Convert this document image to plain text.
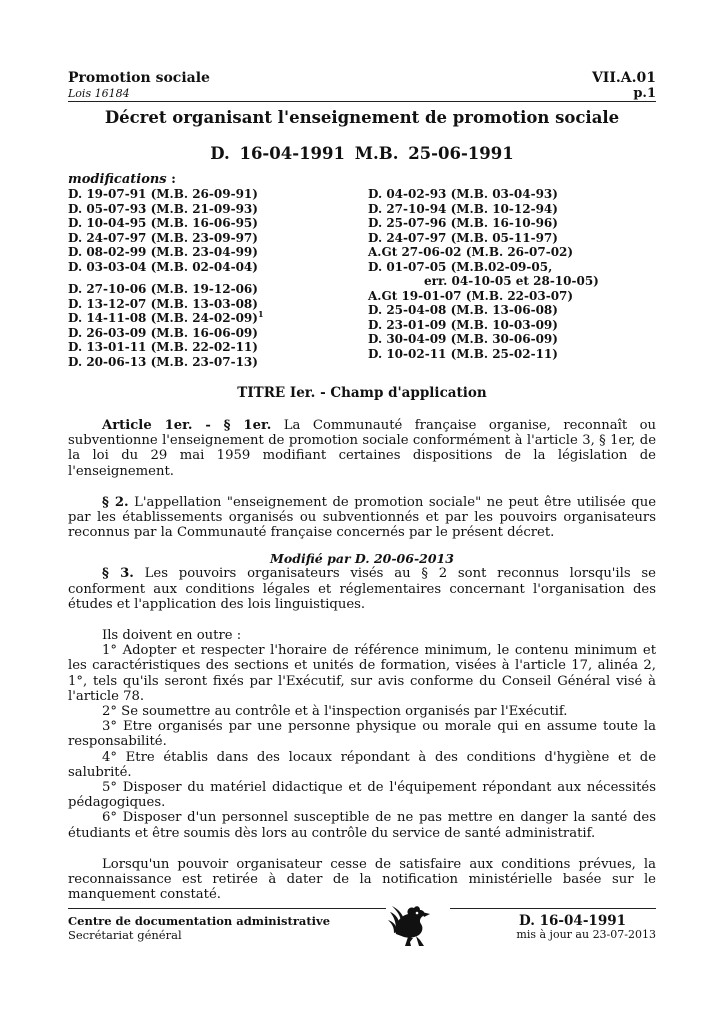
Promotion sociale	VII.A.01
Lois 16184	p.1
Décret organisant l'enseignement de promotion sociale
D. 16-04-1991 M.B. 25-06-1991
modifications :
D. 19-07-91 (M.B. 26-09-91)
D. 05-07-93 (M.B. 21-09-93)
D. 10-04-95 (M.B. 16-06-95)
D. 24-07-97 (M.B. 23-09-97)
D. 08-02-99 (M.B. 23-04-99)
D. 03-03-04 (M.B. 02-04-04)
D. 27-10-06 (M.B. 19-12-06)
D. 13-12-07 (M.B. 13-03-08)
D. 14-11-08 (M.B. 24-02-09)$^1$
D. 26-03-09 (M.B. 16-06-09)
D. 13-01-11 (M.B. 22-02-11)
D. 20-06-13 (M.B. 23-07-13)
D. 04-02-93 (M.B. 03-04-93)
D. 27-10-94 (M.B. 10-12-94)
D. 25-07-96 (M.B. 16-10-96)
D. 24-07-97 (M.B. 05-11-97)
A.Gt 27-06-02 (M.B. 26-07-02)
D. 01-07-05 (M.B.02-09-05,
err. 04-10-05 et 28-10-05)
A.Gt 19-01-07 (M.B. 22-03-07)
D. 25-04-08 (M.B. 13-06-08)
D. 23-01-09 (M.B. 10-03-09)
D. 30-04-09 (M.B. 30-06-09)
D. 10-02-11 (M.B. 25-02-11)
TITRE Ier. - Champ d'application

Article 1er. - § 1er. La Communauté française organise, reconnaît ou subventionne l'enseignement de promotion sociale conformément à l'article 3, § 1er, de la loi du 29 mai 1959 modifiant certaines dispositions de la législation de l'enseignement.

§ 2. L'appellation "enseignement de promotion sociale" ne peut être utilisée que par les établissements organisés ou subventionnés et par les pouvoirs organisateurs reconnus par la Communauté française concernés par le présent décret.

Modifié par D. 20-06-2013

§ 3. Les pouvoirs organisateurs visés au § 2 sont reconnus lorsqu'ils se conforment aux conditions légales et réglementaires concernant l'organisation des études et l'application des lois linguistiques.

Ils doivent en outre :

1° Adopter et respecter l'horaire de référence minimum, le contenu minimum et les caractéristiques des sections et unités de formation, visées à l'article 17, alinéa 2, 1°, tels qu'ils seront fixés par l'Exécutif, sur avis conforme du Conseil Général visé à l'article 78.

2° Se soumettre au contrôle et à l'inspection organisés par l'Exécutif.

3° Etre organisés par une personne physique ou morale qui en assume toute la responsabilité.

4° Etre établis dans des locaux répondant à des conditions d'hygiène et de salubrité.

5° Disposer du matériel didactique et de l'équipement répondant aux nécessités pédagogiques.

6° Disposer d'un personnel susceptible de ne pas mettre en danger la santé des étudiants et être soumis dès lors au contrôle du service de santé administratif.

Lorsqu'un pouvoir organisateur cesse de satisfaire aux conditions prévues, la reconnaissance est retirée à dater de la notification ministérielle basée sur le manquement constaté.

Centre de documentation administrative
Secrétariat général
D. 16-04-1991
mis à jour au 23-07-2013
